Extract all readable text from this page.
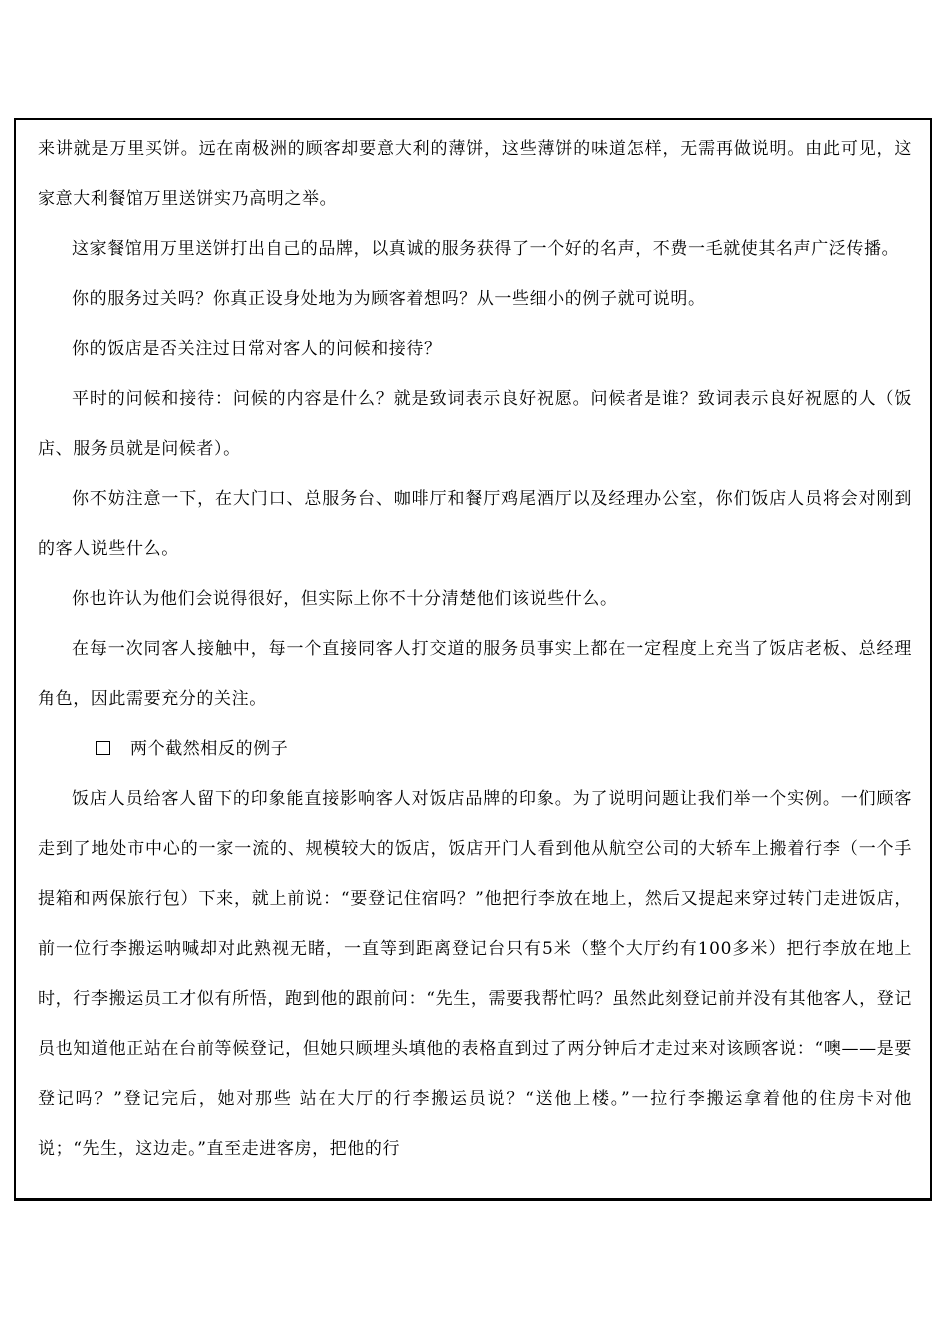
来讲就是万里买饼。远在南极洲的顾客却要意大利的薄饼，这些薄饼的味道怎样，无需再做说明。由此可见，这家意大利餐馆万里送饼实乃高明之举。

这家餐馆用万里送饼打出自己的品牌，以真诚的服务获得了一个好的名声，不费一毛就使其名声广泛传播。

你的服务过关吗？你真正设身处地为为顾客着想吗？从一些细小的例子就可说明。

你的饭店是否关注过日常对客人的问候和接待？

平时的问候和接待：问候的内容是什么？就是致词表示良好祝愿。问候者是谁？致词表示良好祝愿的人（饭店、服务员就是问候者）。

你不妨注意一下，在大门口、总服务台、咖啡厅和餐厅鸡尾酒厅以及经理办公室，你们饭店人员将会对刚到的客人说些什么。

你也许认为他们会说得很好，但实际上你不十分清楚他们该说些什么。

在每一次同客人接触中，每一个直接同客人打交道的服务员事实上都在一定程度上充当了饭店老板、总经理角色，因此需要充分的关注。

两个截然相反的例子

饭店人员给客人留下的印象能直接影响客人对饭店品牌的印象。为了说明问题让我们举一个实例。一们顾客走到了地处市中心的一家一流的、规模较大的饭店，饭店开门人看到他从航空公司的大轿车上搬着行李（一个手提箱和两保旅行包）下来，就上前说：“要登记住宿吗？”他把行李放在地上，然后又提起来穿过转门走进饭店，前一位行李搬运呐喊却对此熟视无睹，一直等到距离登记台只有5米（整个大厅约有100多米）把行李放在地上时，行李搬运员工才似有所悟，跑到他的跟前问：“先生，需要我帮忙吗？虽然此刻登记前并没有其他客人，登记员也知道他正站在台前等候登记，但她只顾埋头填他的表格直到过了两分钟后才走过来对该顾客说：“噢——是要登记吗？”登记完后，她对那些 站在大厅的行李搬运员说？“送他上楼。”一拉行李搬运拿着他的住房卡对他说；“先生，这边走。”直至走进客房，把他的行
